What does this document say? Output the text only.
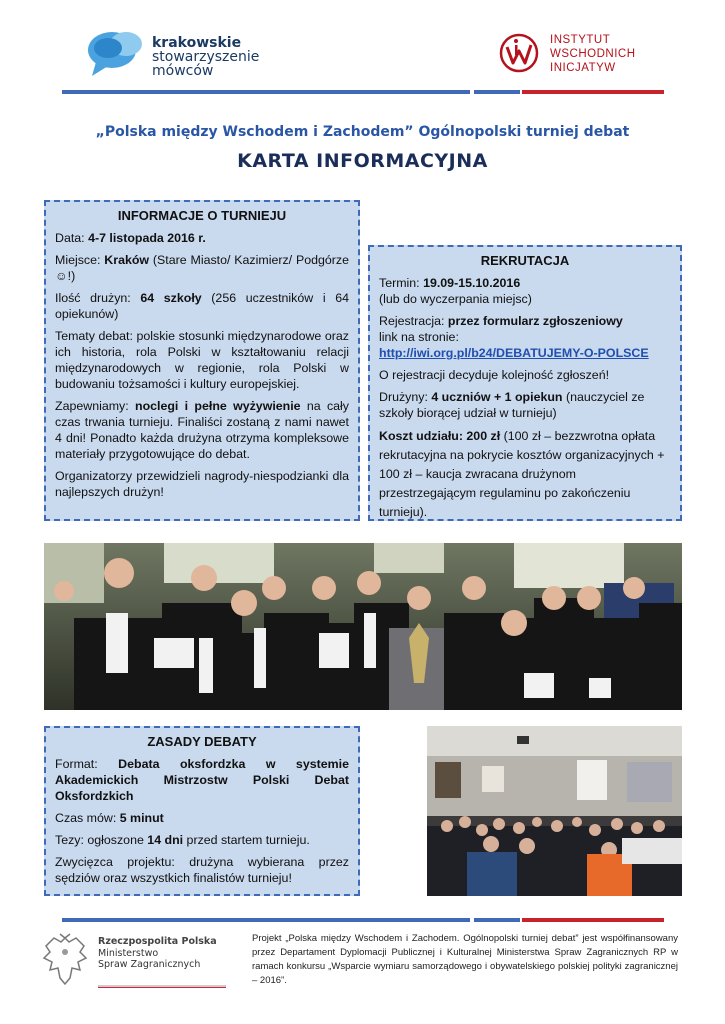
krakowskie
stowarzyszenie
mówców
INSTYTUT
WSCHODNICH
INICJATYW
„Polska między Wschodem i Zachodem” Ogólnopolski turniej debat
KARTA INFORMACYJNA
INFORMACJE O TURNIEJU

Data: 4-7 listopada 2016 r.

Miejsce: Kraków (Stare Miasto/ Kazimierz/ Podgórze☺!)

Ilość drużyn: 64 szkoły (256 uczestników i 64 opiekunów)

Tematy debat: polskie stosunki międzynarodowe oraz ich historia, rola Polski w kształtowaniu relacji międzynarodowych w regionie, rola Polski w budowaniu tożsamości i kultury europejskiej.

Zapewniamy: noclegi i pełne wyżywienie na cały czas trwania turnieju. Finaliści zostaną z nami nawet 4 dni! Ponadto każda drużyna otrzyma kompleksowe materiały przygotowujące do debat.

Organizatorzy przewidzieli nagrody-niespodzianki dla najlepszych drużyn!

REKRUTACJA

Termin: 19.09-15.10.2016
(lub do wyczerpania miejsc)

Rejestracja: przez formularz zgłoszeniowy
link na stronie:
http://iwi.org.pl/b24/DEBATUJEMY-O-POLSCE

O rejestracji decyduje kolejność zgłoszeń!

Drużyny: 4 uczniów + 1 opiekun (nauczyciel ze szkoły biorącej udział w turnieju)

Koszt udziału: 200 zł (100 zł – bezzwrotna opłata rekrutacyjna na pokrycie kosztów organizacyjnych + 100 zł – kaucja zwracana drużynom przestrzegającym regulaminu po zakończeniu turnieju).

ZASADY DEBATY

Format: Debata oksfordzka w systemie Akademickich Mistrzostw Polski Debat Oksfordzkich

Czas mów: 5 minut

Tezy: ogłoszone 14 dni przed startem turnieju.

Zwycięzca projektu: drużyna wybierana przez sędziów oraz wszystkich finalistów turnieju!

Rzeczpospolita Polska
Ministerstwo
Spraw Zagranicznych
Projekt „Polska między Wschodem i Zachodem. Ogólnopolski turniej debat” jest współfinansowany przez Departament Dyplomacji Publicznej i Kulturalnej Ministerstwa Spraw Zagranicznych RP w ramach konkursu „Wsparcie wymiaru samorządowego i obywatelskiego polskiej polityki zagranicznej – 2016”.
